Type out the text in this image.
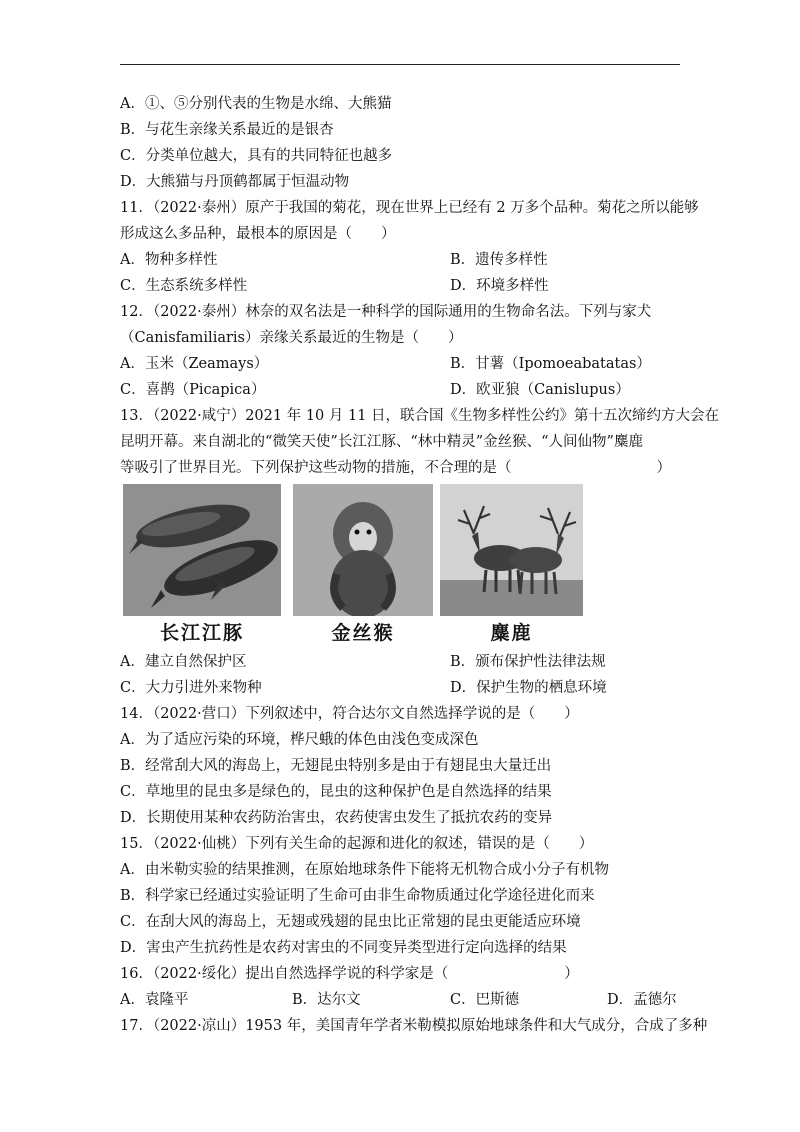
A．①、⑤分别代表的生物是水绵、大熊猫
B．与花生亲缘关系最近的是银杏
C．分类单位越大，具有的共同特征也越多
D．大熊猫与丹顶鹤都属于恒温动物
11．（2022·泰州）原产于我国的菊花，现在世界上已经有 2 万多个品种。菊花之所以能够
形成这么多品种，最根本的原因是（　　）
A．物种多样性	B．遗传多样性
C．生态系统多样性	D．环境多样性
12．（2022·泰州）林奈的双名法是一种科学的国际通用的生物命名法。下列与家犬
（Canisfamiliaris）亲缘关系最近的生物是（　　）
A．玉米（Zeamays）	B．甘薯（Ipomoeabatatas）
C．喜鹊（Picapica）	D．欧亚狼（Canislupus）
13．（2022·咸宁）2021 年 10 月 11 日，联合国《生物多样性公约》第十五次缔约方大会在
昆明开幕。来自湖北的“微笑天使”长江江豚、“林中精灵”金丝猴、“人间仙物”麋鹿
等吸引了世界目光。下列保护这些动物的措施，不合理的是（　　　　　　　　　　）
长江江豚	金丝猴	麋鹿
A．建立自然保护区	B．颁布保护性法律法规
C．大力引进外来物种	D．保护生物的栖息环境
14．（2022·营口）下列叙述中，符合达尔文自然选择学说的是（　　）
A．为了适应污染的环境，桦尺蛾的体色由浅色变成深色
B．经常刮大风的海岛上，无翅昆虫特别多是由于有翅昆虫大量迁出
C．草地里的昆虫多是绿色的，昆虫的这种保护色是自然选择的结果
D．长期使用某种农药防治害虫，农药使害虫发生了抵抗农药的变异
15．（2022·仙桃）下列有关生命的起源和进化的叙述，错误的是（　　）
A．由米勒实验的结果推测，在原始地球条件下能将无机物合成小分子有机物
B．科学家已经通过实验证明了生命可由非生命物质通过化学途径进化而来
C．在刮大风的海岛上，无翅或残翅的昆虫比正常翅的昆虫更能适应环境
D．害虫产生抗药性是农药对害虫的不同变异类型进行定向选择的结果
16．（2022·绥化）提出自然选择学说的科学家是（　　　　　　　　）
A．袁隆平	B．达尔文	C．巴斯德	D．孟德尔
17．（2022·凉山）1953 年，美国青年学者米勒模拟原始地球条件和大气成分，合成了多种
